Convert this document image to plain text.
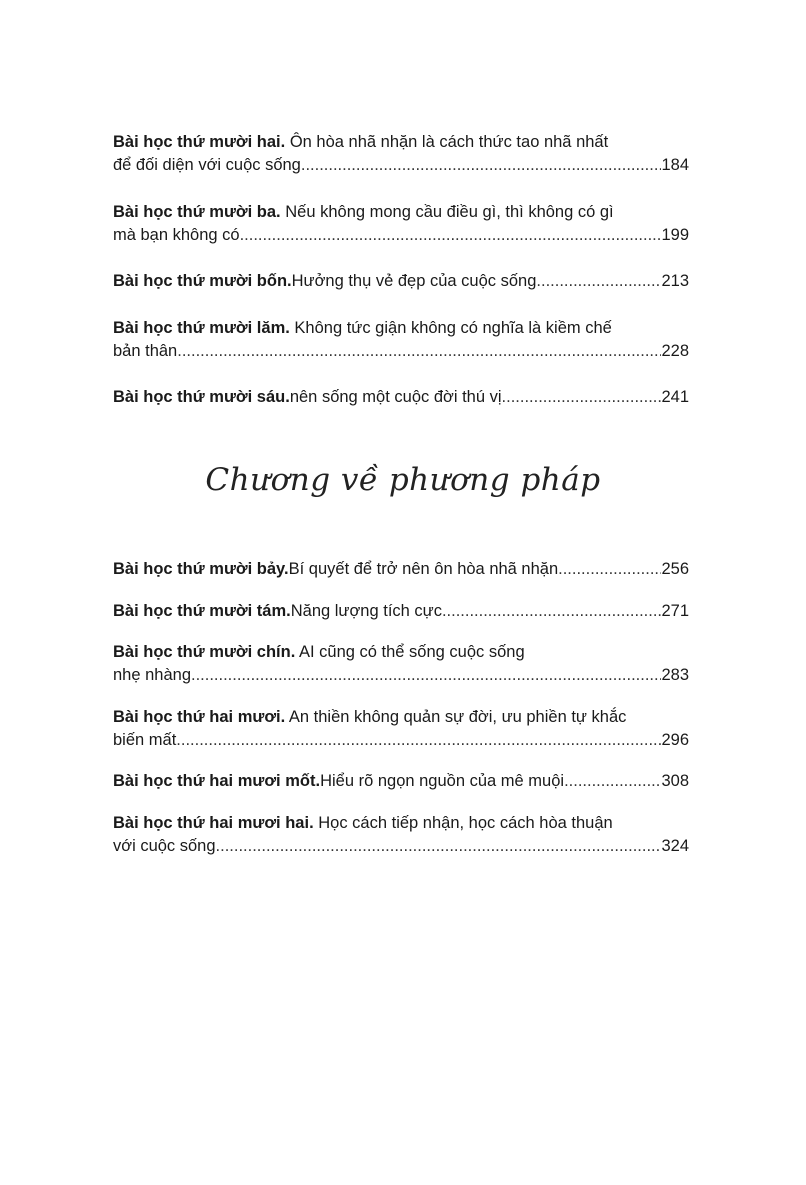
Bài học thứ mười hai. Ôn hòa nhã nhặn là cách thức tao nhã nhất
để đối diện với cuộc sống .....	184
Bài học thứ mười ba. Nếu không mong cầu điều gì, thì không có gì
mà bạn không có .....	199
Bài học thứ mười bốn. Hưởng thụ vẻ đẹp của cuộc sống .....	213
Bài học thứ mười lăm. Không tức giận không có nghĩa là kiềm chế
bản thân .....	228
Bài học thứ mười sáu. nên sống một cuộc đời thú vị .....	241
Chương về phương pháp
Bài học thứ mười bảy. Bí quyết để trở nên ôn hòa nhã nhặn .....	256
Bài học thứ mười tám. Năng lượng tích cực .....	271
Bài học thứ mười chín. AI cũng có thể sống cuộc sống
nhẹ nhàng .....	283
Bài học thứ hai mươi. An thiền không quản sự đời, ưu phiền tự khắc
biến mất .....	296
Bài học thứ hai mươi mốt. Hiểu rõ ngọn nguồn của mê muội .....	308
Bài học thứ hai mươi hai. Học cách tiếp nhận, học cách hòa thuận
với cuộc sống .....	324
